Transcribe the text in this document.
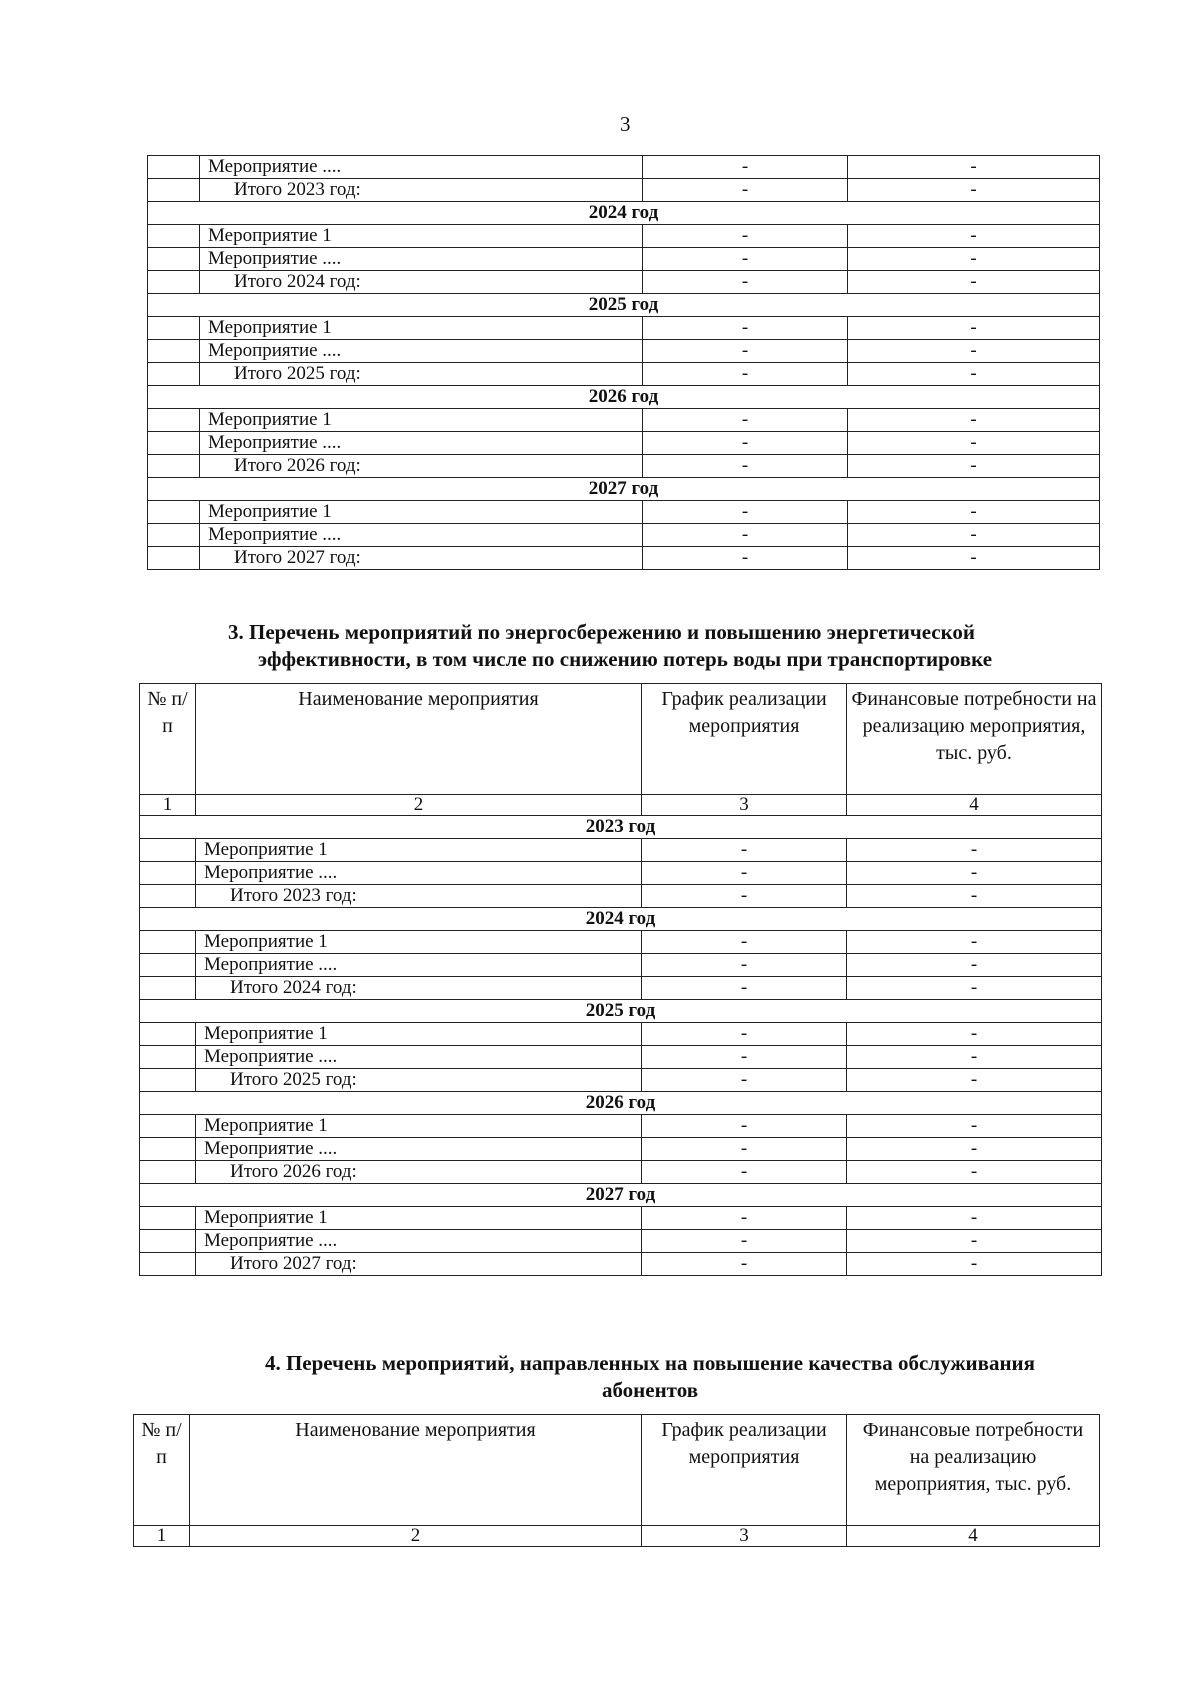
3
	Мероприятие ....	-	-
	Итого 2023 год:	-	-
2024 год			
	Мероприятие 1	-	-
	Мероприятие ....	-	-
	Итого 2024 год:	-	-
2025 год			
	Мероприятие 1	-	-
	Мероприятие ....	-	-
	Итого 2025 год:	-	-
2026 год			
	Мероприятие 1	-	-
	Мероприятие ....	-	-
	Итого 2026 год:	-	-
2027 год			
	Мероприятие 1	-	-
	Мероприятие ....	-	-
	Итого 2027 год:	-	-
3. Перечень мероприятий по энергосбережению и повышению энергетической
эффективности, в том числе по снижению потерь воды при транспортировке
№ п/п	Наименование мероприятия	График реализации мероприятия	Финансовые потребности на реализацию мероприятия, тыс. руб.
1	2	3	4
2023 год			
	Мероприятие 1	-	-
	Мероприятие ....	-	-
	Итого 2023 год:	-	-
2024 год			
	Мероприятие 1	-	-
	Мероприятие ....	-	-
	Итого 2024 год:	-	-
2025 год			
	Мероприятие 1	-	-
	Мероприятие ....	-	-
	Итого 2025 год:	-	-
2026 год			
	Мероприятие 1	-	-
	Мероприятие ....	-	-
	Итого 2026 год:	-	-
2027 год			
	Мероприятие 1	-	-
	Мероприятие ....	-	-
	Итого 2027 год:	-	-
4. Перечень мероприятий, направленных на повышение качества обслуживания
абонентов
№ п/п	Наименование мероприятия	График реализации мероприятия	Финансовые потребности на реализацию мероприятия, тыс. руб.
1	2	3	4
